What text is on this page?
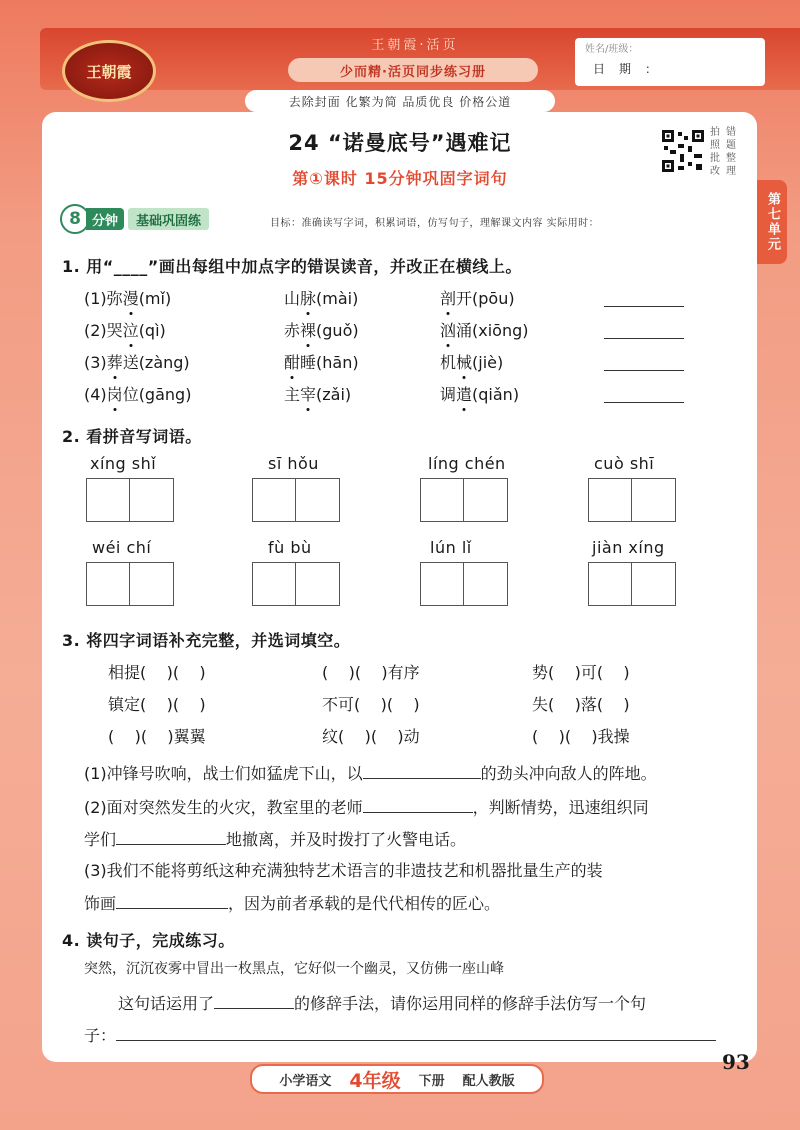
王朝霞
王朝霞·活页
少而精·活页同步练习册
姓名/班级：
日期：
去除封面 化繁为简 品质优良 价格公道
第七单元
24 “诺曼底号”遇难记
第①课时 15分钟巩固字词句
拍 错
照 题
批 整
改 理
8 分钟	基础巩固练	目标：准确读写字词，积累词语，仿写句子，理解课文内容 实际用时：
1. 用“____”画出每组中加点字的错误读音，并改正在横线上。
(1)弥漫(mǐ)	山脉(mài)	剖开(pōu)
(2)哭泣(qì)	赤裸(guǒ)	汹涌(xiōng)
(3)葬送(zàng)	酣睡(hān)	机械(jiè)
(4)岗位(gāng)	主宰(zǎi)	调遣(qiǎn)
2. 看拼音写词语。
xíng shǐ	sī hǒu	líng chén	cuò shī
wéi chí	fù bù	lún lǐ	jiàn xíng
3. 将四字词语补充完整，并选词填空。
相提(    )(    )	(    )(    )有序	势(    )可(    )
镇定(    )(    )	不可(    )(    )	失(    )落(    )
(    )(    )翼翼	纹(    )(    )动	(    )(    )我操
(1)冲锋号吹响，战士们如猛虎下山，以	的劲头冲向敌人的阵地。
(2)面对突然发生的火灾，教室里的老师	，判断情势，迅速组织同
学们	地撤离，并及时拨打了火警电话。
(3)我们不能将剪纸这种充满独特艺术语言的非遗技艺和机器批量生产的装
饰画	，因为前者承载的是代代相传的匠心。
4. 读句子，完成练习。
突然，沉沉夜雾中冒出一枚黑点，它好似一个幽灵，又仿佛一座山峰
这句话运用了	的修辞手法，请你运用同样的修辞手法仿写一个句
子：
小学语文 4年级 下册 配人教版
93
